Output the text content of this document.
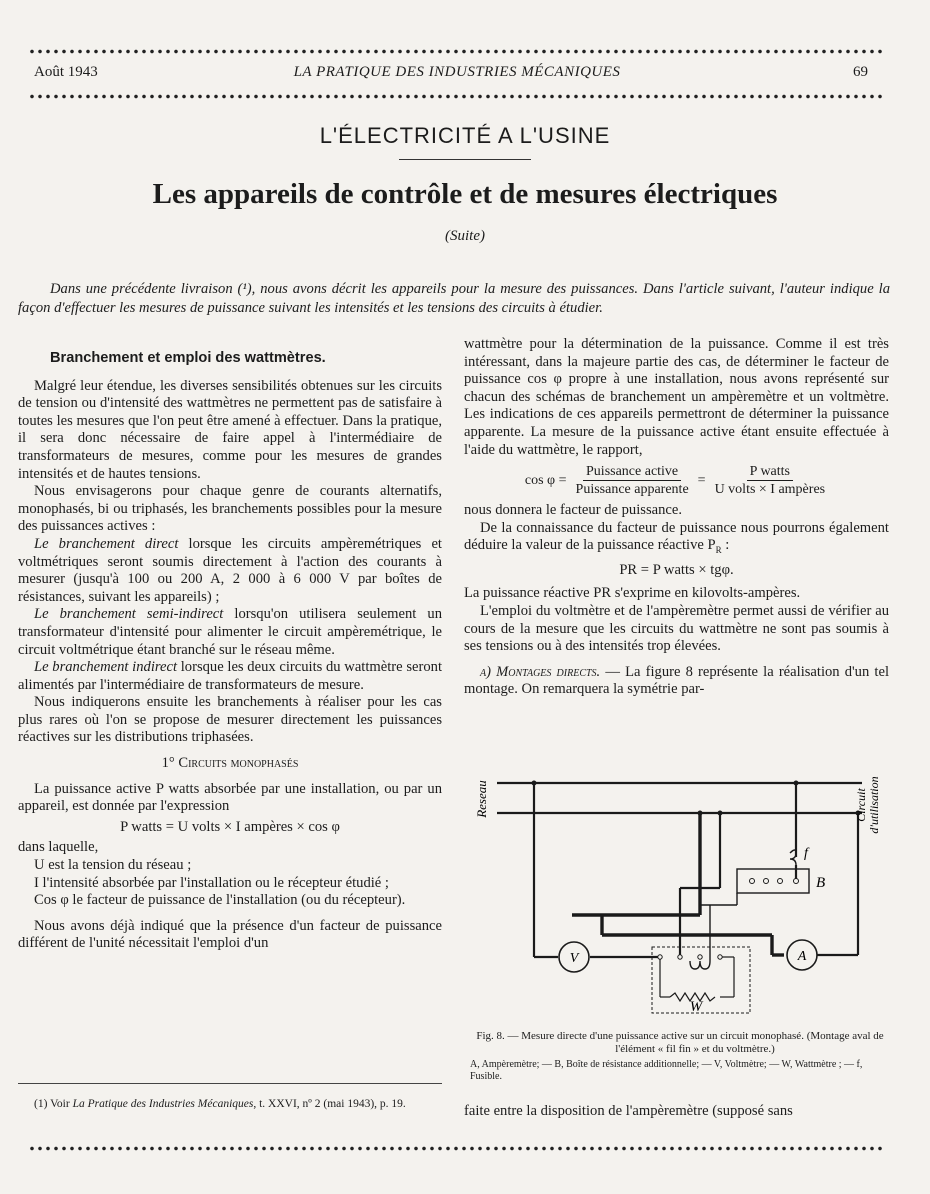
Août 1943	LA PRATIQUE DES INDUSTRIES MÉCANIQUES	69
L'ÉLECTRICITÉ A L'USINE
Les appareils de contrôle et de mesures électriques
(Suite)

Dans une précédente livraison (¹), nous avons décrit les appareils pour la mesure des puissances. Dans l'article suivant, l'auteur indique la façon d'effectuer les mesures de puissance suivant les intensités et les tensions des circuits à étudier.

Branchement et emploi des wattmètres.

Malgré leur étendue, les diverses sensibilités obtenues sur les circuits de tension ou d'intensité des wattmètres ne permettent pas de satisfaire à toutes les mesures que l'on peut être amené à effectuer. Dans la pratique, il sera donc nécessaire de faire appel à l'intermédiaire de transformateurs de mesures, comme pour les mesures de grandes intensités et de hautes tensions.

Nous envisagerons pour chaque genre de courants alternatifs, monophasés, bi ou triphasés, les branchements possibles pour la mesure des puissances actives :

Le branchement direct lorsque les circuits ampèremétriques et voltmétriques seront soumis directement à l'action des courants à mesurer (jusqu'à 100 ou 200 A, 2 000 à 6 000 V par boîtes de résistances, suivant les appareils) ;

Le branchement semi-indirect lorsqu'on utilisera seulement un transformateur d'intensité pour alimenter le circuit ampèremétrique, le circuit voltmétrique étant branché sur le réseau même.

Le branchement indirect lorsque les deux circuits du wattmètre seront alimentés par l'intermédiaire de transformateurs de mesure.

Nous indiquerons ensuite les branchements à réaliser pour les cas plus rares où l'on se propose de mesurer directement les puissances réactives sur les distributions triphasées.

1° Circuits monophasés

La puissance active P watts absorbée par une installation, ou par un appareil, est donnée par l'expression

P watts = U volts × I ampères × cos φ

dans laquelle,

U est la tension du réseau ;

I l'intensité absorbée par l'installation ou le récepteur étudié ;

Cos φ le facteur de puissance de l'installation (ou du récepteur).

Nous avons déjà indiqué que la présence d'un facteur de puissance différent de l'unité nécessitait l'emploi d'un

(1) Voir La Pratique des Industries Mécaniques, t. XXVI, nº 2 (mai 1943), p. 19.

wattmètre pour la détermination de la puissance. Comme il est très intéressant, dans la majeure partie des cas, de déterminer le facteur de puissance cos φ propre à une installation, nous avons représenté sur chacun des schémas de branchement un ampèremètre et un voltmètre. Les indications de ces appareils permettront de déterminer la puissance apparente. La mesure de la puissance active étant ensuite effectuée à l'aide du wattmètre, le rapport,

$\cos \varphi = \frac{\text{Puissance active}}{\text{Puissance apparente}} = \frac{\text{P watts}}{\text{U volts × I ampères}}$

nous donnera le facteur de puissance.

De la connaissance du facteur de puissance nous pourrons également déduire la valeur de la puissance réactive $P_R$ :

PR = P watts × tgφ.

La puissance réactive PR s'exprime en kilovolts-ampères.

L'emploi du voltmètre et de l'ampèremètre permet aussi de vérifier au cours de la mesure que les circuits du wattmètre ne sont pas soumis à ses tensions ou à des intensités trop élevées.

a) Montages directs. — La figure 8 représente la réalisation d'un tel montage. On remarquera la symétrie par-

Reseau	Circuit d'utilisation
f
B
V	A
W

Fig. 8. — Mesure directe d'une puissance active sur un circuit monophasé. (Montage aval de l'élément « fil fin » et du voltmètre.)

A, Ampèremètre; — B, Boîte de résistance additionnelle; — V, Voltmètre; — W, Wattmètre ; — f, Fusible.

faite entre la disposition de l'ampèremètre (supposé sans
